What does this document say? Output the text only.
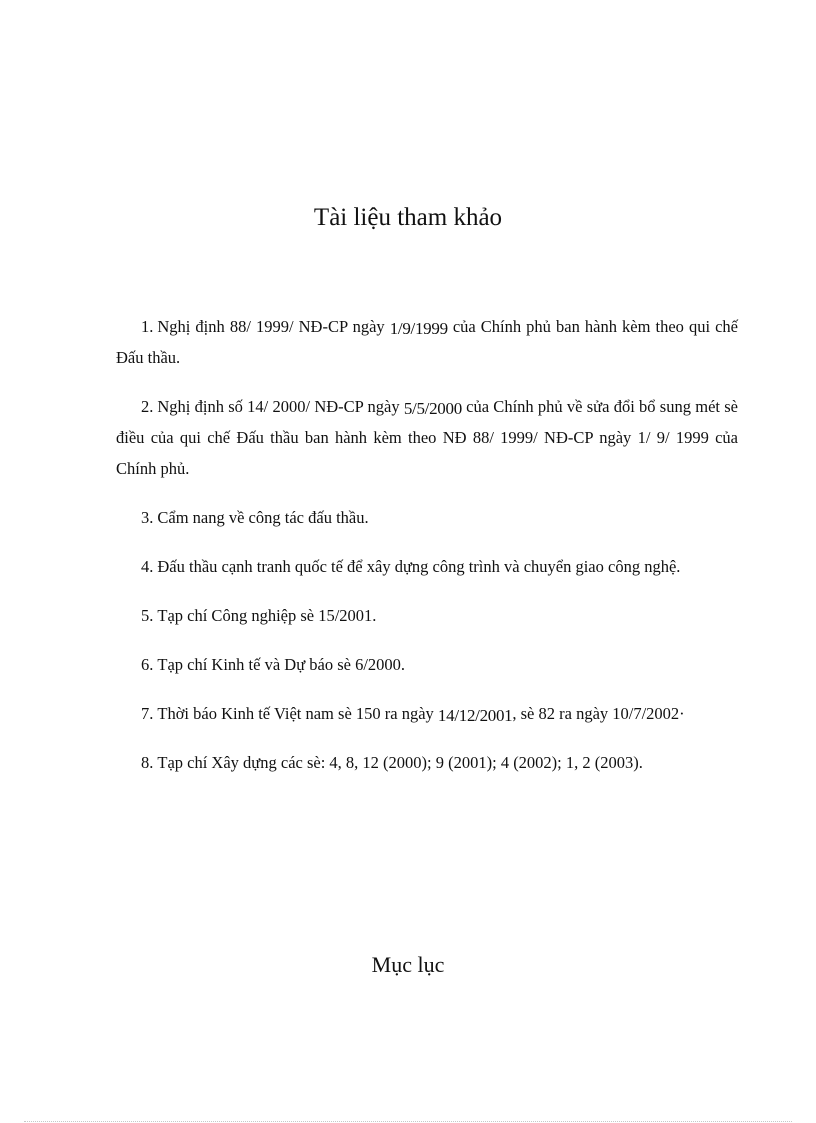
Tài liệu tham khảo

1. Nghị định 88/ 1999/ NĐ-CP ngày 1/9/1999 của Chính phủ ban hành kèm theo qui chế Đấu thầu.

2. Nghị định số 14/ 2000/ NĐ-CP ngày 5/5/2000 của Chính phủ về sửa đổi bổ sung mét sè điều của qui chế Đấu thầu ban hành kèm theo NĐ 88/ 1999/ NĐ-CP ngày 1/ 9/ 1999 của Chính phủ.

3. Cẩm nang về công tác đấu thầu.

4. Đấu thầu cạnh tranh quốc tế để xây dựng công trình và chuyển giao công nghệ.

5. Tạp chí Công nghiệp sè 15/2001.

6. Tạp chí Kinh tế và Dự báo sè 6/2000.

7. Thời báo Kinh tế Việt nam sè 150 ra ngày 14/12/2001, sè 82 ra ngày 10/7/2002·

8. Tạp chí Xây dựng các sè: 4, 8, 12 (2000); 9 (2001); 4 (2002); 1, 2 (2003).

Mục lục
